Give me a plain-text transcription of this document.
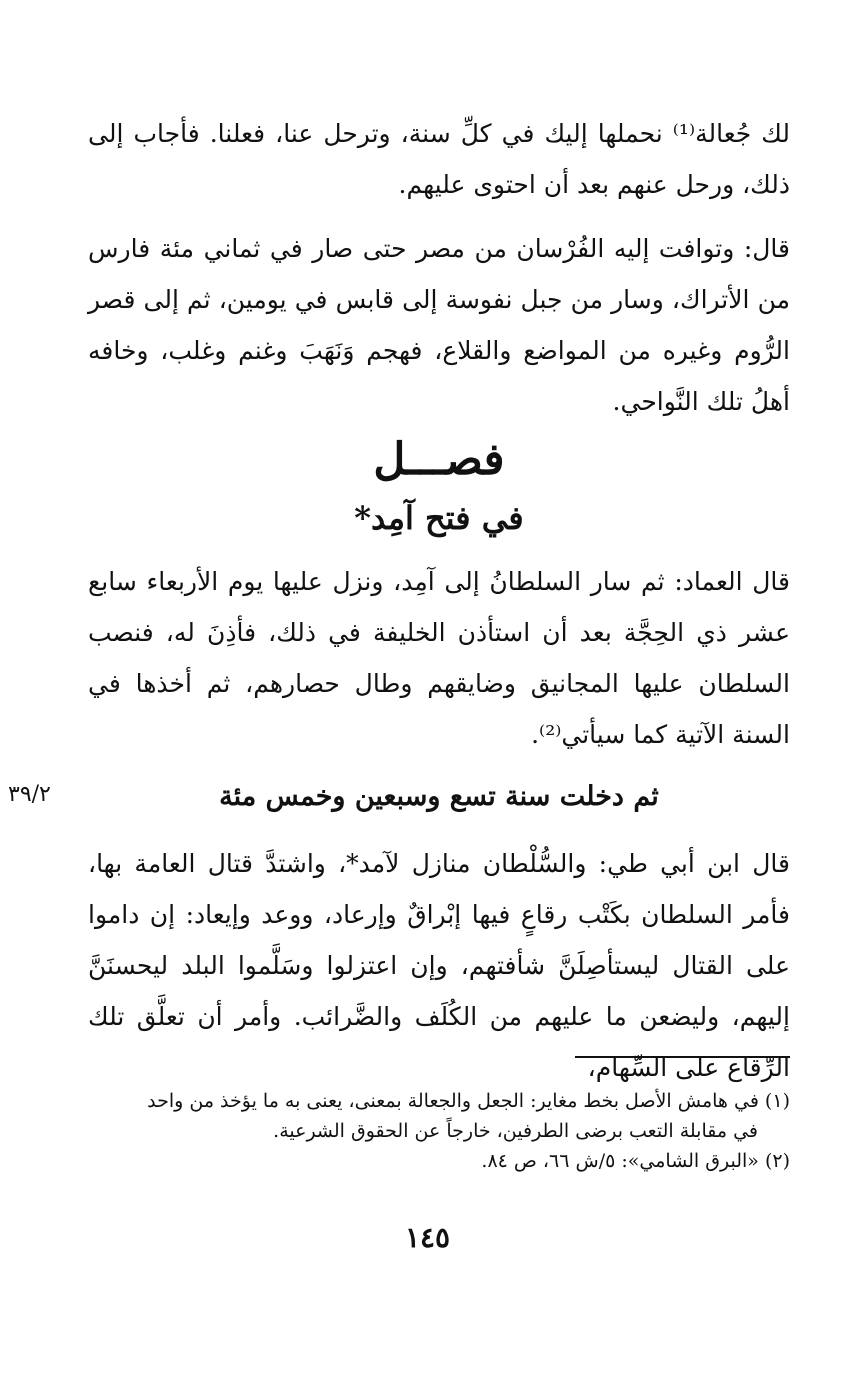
لك جُعالة⁽¹⁾ نحملها إليك في كلِّ سنة، وترحل عنا، فعلنا. فأجاب إلى ذلك، ورحل عنهم بعد أن احتوى عليهم.

قال: وتوافت إليه الفُرْسان من مصر حتى صار في ثماني مئة فارس من الأتراك، وسار من جبل نفوسة إلى قابس في يومين، ثم إلى قصر الرُّوم وغيره من المواضع والقلاع، فهجم وَنَهَبَ وغنم وغلب، وخافه أهلُ تلك النَّواحي.

فصـــل
في فتح آمِد*

قال العماد: ثم سار السلطانُ إلى آمِد، ونزل عليها يوم الأربعاء سابع عشر ذي الحِجَّة بعد أن استأذن الخليفة في ذلك، فأذِنَ له، فنصب السلطان عليها المجانيق وضايقهم وطال حصارهم، ثم أخذها في السنة الآتية كما سيأتي⁽²⁾.

ثم دخلت سنة تسع وسبعين وخمس مئة
٣٩/٢

قال ابن أبي طي: والسُّلْطان منازل لآمد*، واشتدَّ قتال العامة بها، فأمر السلطان بكَتْب رقاعٍ فيها إبْراقٌ وإرعاد، ووعد وإيعاد: إن داموا على القتال ليستأصِلَنَّ شأفتهم، وإن اعتزلوا وسَلَّموا البلد ليحسنَنَّ إليهم، وليضعن ما عليهم من الكُلَف والضَّرائب. وأمر أن تعلَّق تلك الرِّقاع على السِّهام،

(١) في هامش الأصل بخط مغاير: الجعل والجعالة بمعنى، يعنى به ما يؤخذ من واحد

في مقابلة التعب برضى الطرفين، خارجاً عن الحقوق الشرعية.

(٢) «البرق الشامي»: ٥/ش ٦٦، ص ٨٤.

١٤٥
